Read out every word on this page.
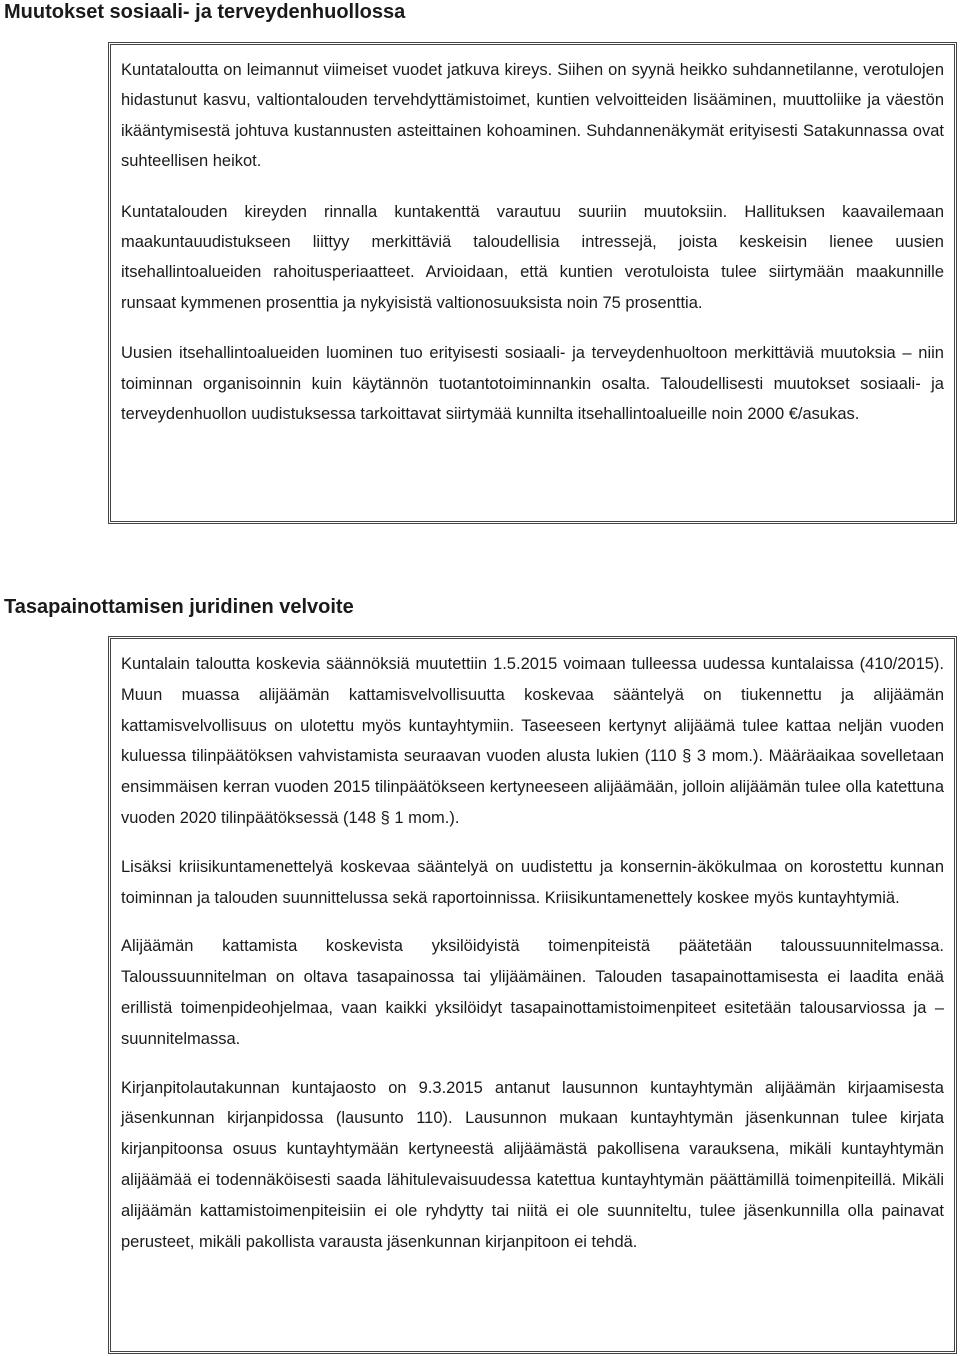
Muutokset sosiaali- ja terveydenhuollossa

Kuntataloutta on leimannut viimeiset vuodet jatkuva kireys. Siihen on syynä heikko suhdannetilanne, verotulojen hidastunut kasvu, valtiontalouden tervehdyttämistoimet, kuntien velvoitteiden lisääminen, muuttoliike ja väestön ikääntymisestä johtuva kustannusten asteittainen kohoaminen. Suhdannenäkymät erityisesti Satakunnassa ovat suhteellisen heikot.

Kuntatalouden kireyden rinnalla kuntakenttä varautuu suuriin muutoksiin. Hallituksen kaavailemaan maakuntauudistukseen liittyy merkittäviä taloudellisia intressejä, joista keskeisin lienee uusien itsehallintoalueiden rahoitusperiaatteet. Arvioidaan, että kuntien verotuloista tulee siirtymään maakunnille runsaat kymmenen prosenttia ja nykyisistä valtionosuuksista noin 75 prosenttia.

Uusien itsehallintoalueiden luominen tuo erityisesti sosiaali- ja terveydenhuoltoon merkittäviä muutoksia – niin toiminnan organisoinnin kuin käytännön tuotantotoiminnankin osalta. Taloudellisesti muutokset sosiaali- ja terveydenhuollon uudistuksessa tarkoittavat siirtymää kunnilta itsehallintoalueille noin 2000 €/asukas.

Tasapainottamisen juridinen velvoite

Kuntalain taloutta koskevia säännöksiä muutettiin 1.5.2015 voimaan tulleessa uudessa kuntalaissa (410/2015). Muun muassa alijäämän kattamisvelvollisuutta koskevaa sääntelyä on tiukennettu ja alijäämän kattamisvelvollisuus on ulotettu myös kuntayhtymiin. Taseeseen kertynyt alijäämä tulee kattaa neljän vuoden kuluessa tilinpäätöksen vahvistamista seuraavan vuoden alusta lukien (110 § 3 mom.). Määräaikaa sovelletaan ensimmäisen kerran vuoden 2015 tilinpäätökseen kertyneeseen alijäämään, jolloin alijäämän tulee olla katettuna vuoden 2020 tilinpäätöksessä (148 § 1 mom.).

Lisäksi kriisikuntamenettelyä koskevaa sääntelyä on uudistettu ja konsernin-äkökulmaa on korostettu kunnan toiminnan ja talouden suunnittelussa sekä raportoinnissa. Kriisikuntamenettely koskee myös kuntayhtymiä.

Alijäämän kattamista koskevista yksilöidyistä toimenpiteistä päätetään taloussuunnitelmassa. Taloussuunnitelman on oltava tasapainossa tai ylijäämäinen. Talouden tasapainottamisesta ei laadita enää erillistä toimenpideohjelmaa, vaan kaikki yksilöidyt tasapainottamistoimenpiteet esitetään talousarviossa ja – suunnitelmassa.

Kirjanpitolautakunnan kuntajaosto on 9.3.2015 antanut lausunnon kuntayhtymän alijäämän kirjaamisesta jäsenkunnan kirjanpidossa (lausunto 110). Lausunnon mukaan kuntayhtymän jäsenkunnan tulee kirjata kirjanpitoonsa osuus kuntayhtymään kertyneestä alijäämästä pakollisena varauksena, mikäli kuntayhtymän alijäämää ei todennäköisesti saada lähitulevaisuudessa katettua kuntayhtymän päättämillä toimenpiteillä. Mikäli alijäämän kattamistoimenpiteisiin ei ole ryhdytty tai niitä ei ole suunniteltu, tulee jäsenkunnilla olla painavat perusteet, mikäli pakollista varausta jäsenkunnan kirjanpitoon ei tehdä.
